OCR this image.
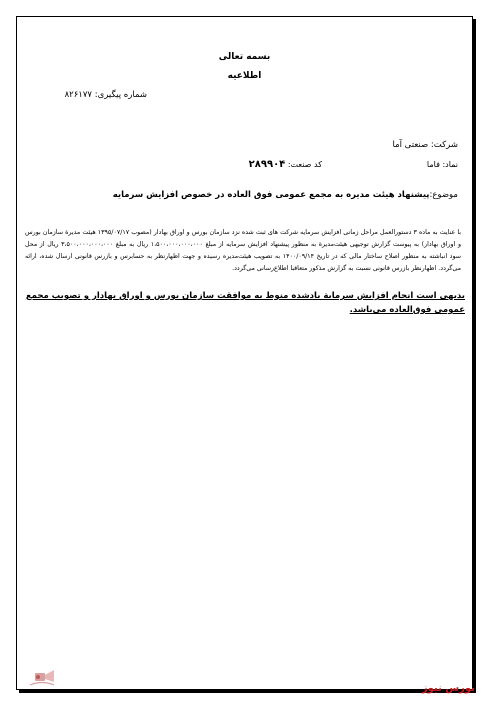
بسمه تعالی
اطلاعیه
شماره پیگیری: ۸۲۶۱۷۷
شرکت: صنعتی آما
نماد: فاما
کد صنعت: ۲۸۹۹۰۴
موضوع:پیشنهاد هیئت مدیره به مجمع عمومی فوق العاده در خصوص افزایش سرمایه
با عنایت به ماده ۳ دستورالعمل مراحل زمانی افزایش سرمایه شرکت های ثبت شده نزد سازمان بورس و اوراق بهادار (مصوب ۱۳۹۵/۰۷/۱۷ هیئت مدیرة سازمان بورس و اوراق بهادار) به پیوست گزارش توجیهی هیئت‌مدیرة به منظور پیشنهاد افزایش سرمایه از مبلغ ۱،۵۰۰،۰۰۰،۰۰۰،۰۰۰ ریال به مبلغ ۳،۵۰۰،۰۰۰،۰۰۰،۰۰۰ ریال از محل سود انباشته به منظور اصلاح ساختار مالی که در تاریخ ۱۴۰۰/۰۹/۱۴ به تصویب هیئت‌مدیره رسیده و جهت اظهارنظر به حسابرس و بازرس قانونی ارسال شده، ارائه می‌گردد. اظهارنظر بازرس قانونی نسبت به گزارش مذکور متعاقبا اطلاع‌رسانی می‌گردد.
بدیهی است انجام افزایش سرمایة یادشده منوط به موافقت سازمان بورس و اوراق بهادار و تصویب مجمع عمومی فوق‌العاده می‌باشد.
بورس نیوز
